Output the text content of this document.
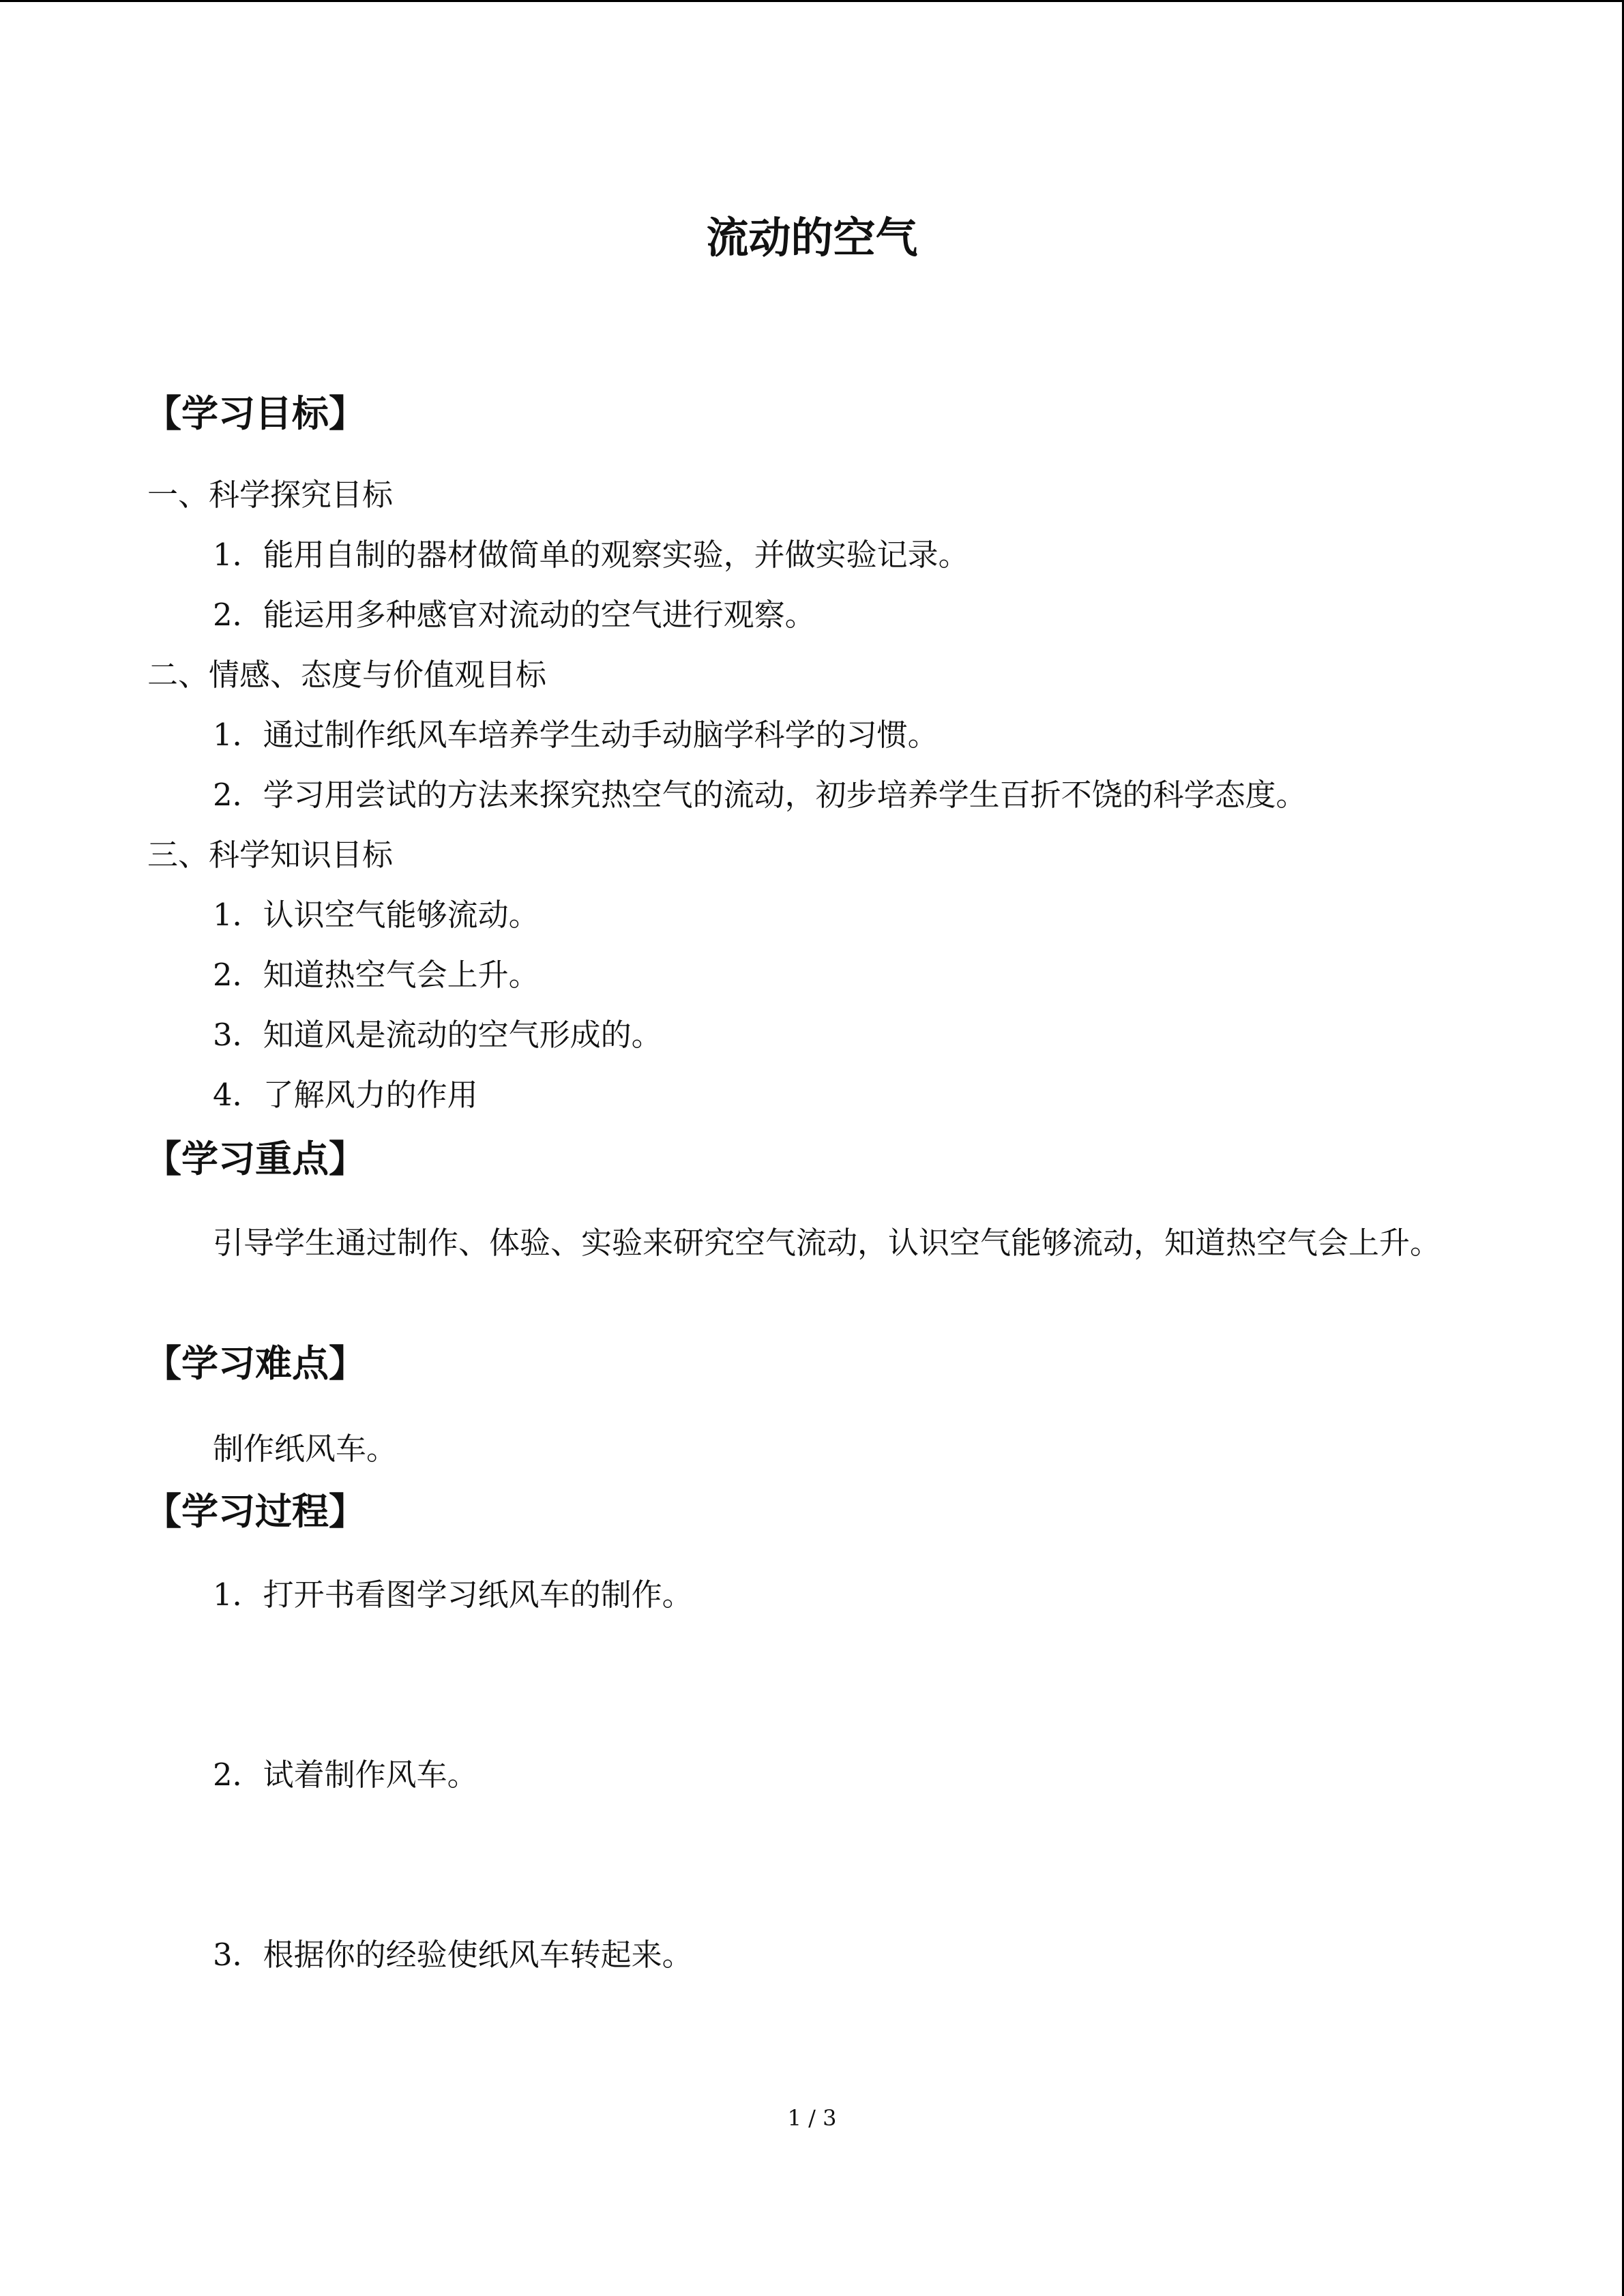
流动的空气
【学习目标】
一、科学探究目标
1．能用自制的器材做简单的观察实验，并做实验记录。
2．能运用多种感官对流动的空气进行观察。
二、情感、态度与价值观目标
1．通过制作纸风车培养学生动手动脑学科学的习惯。
2．学习用尝试的方法来探究热空气的流动，初步培养学生百折不饶的科学态度。
三、科学知识目标
1．认识空气能够流动。
2．知道热空气会上升。
3．知道风是流动的空气形成的。
4．了解风力的作用
【学习重点】

引导学生通过制作、体验、实验来研究空气流动，认识空气能够流动，知道热空气会上升。

【学习难点】

制作纸风车。

【学习过程】
1．打开书看图学习纸风车的制作。
2．试着制作风车。
3．根据你的经验使纸风车转起来。
1 / 3
